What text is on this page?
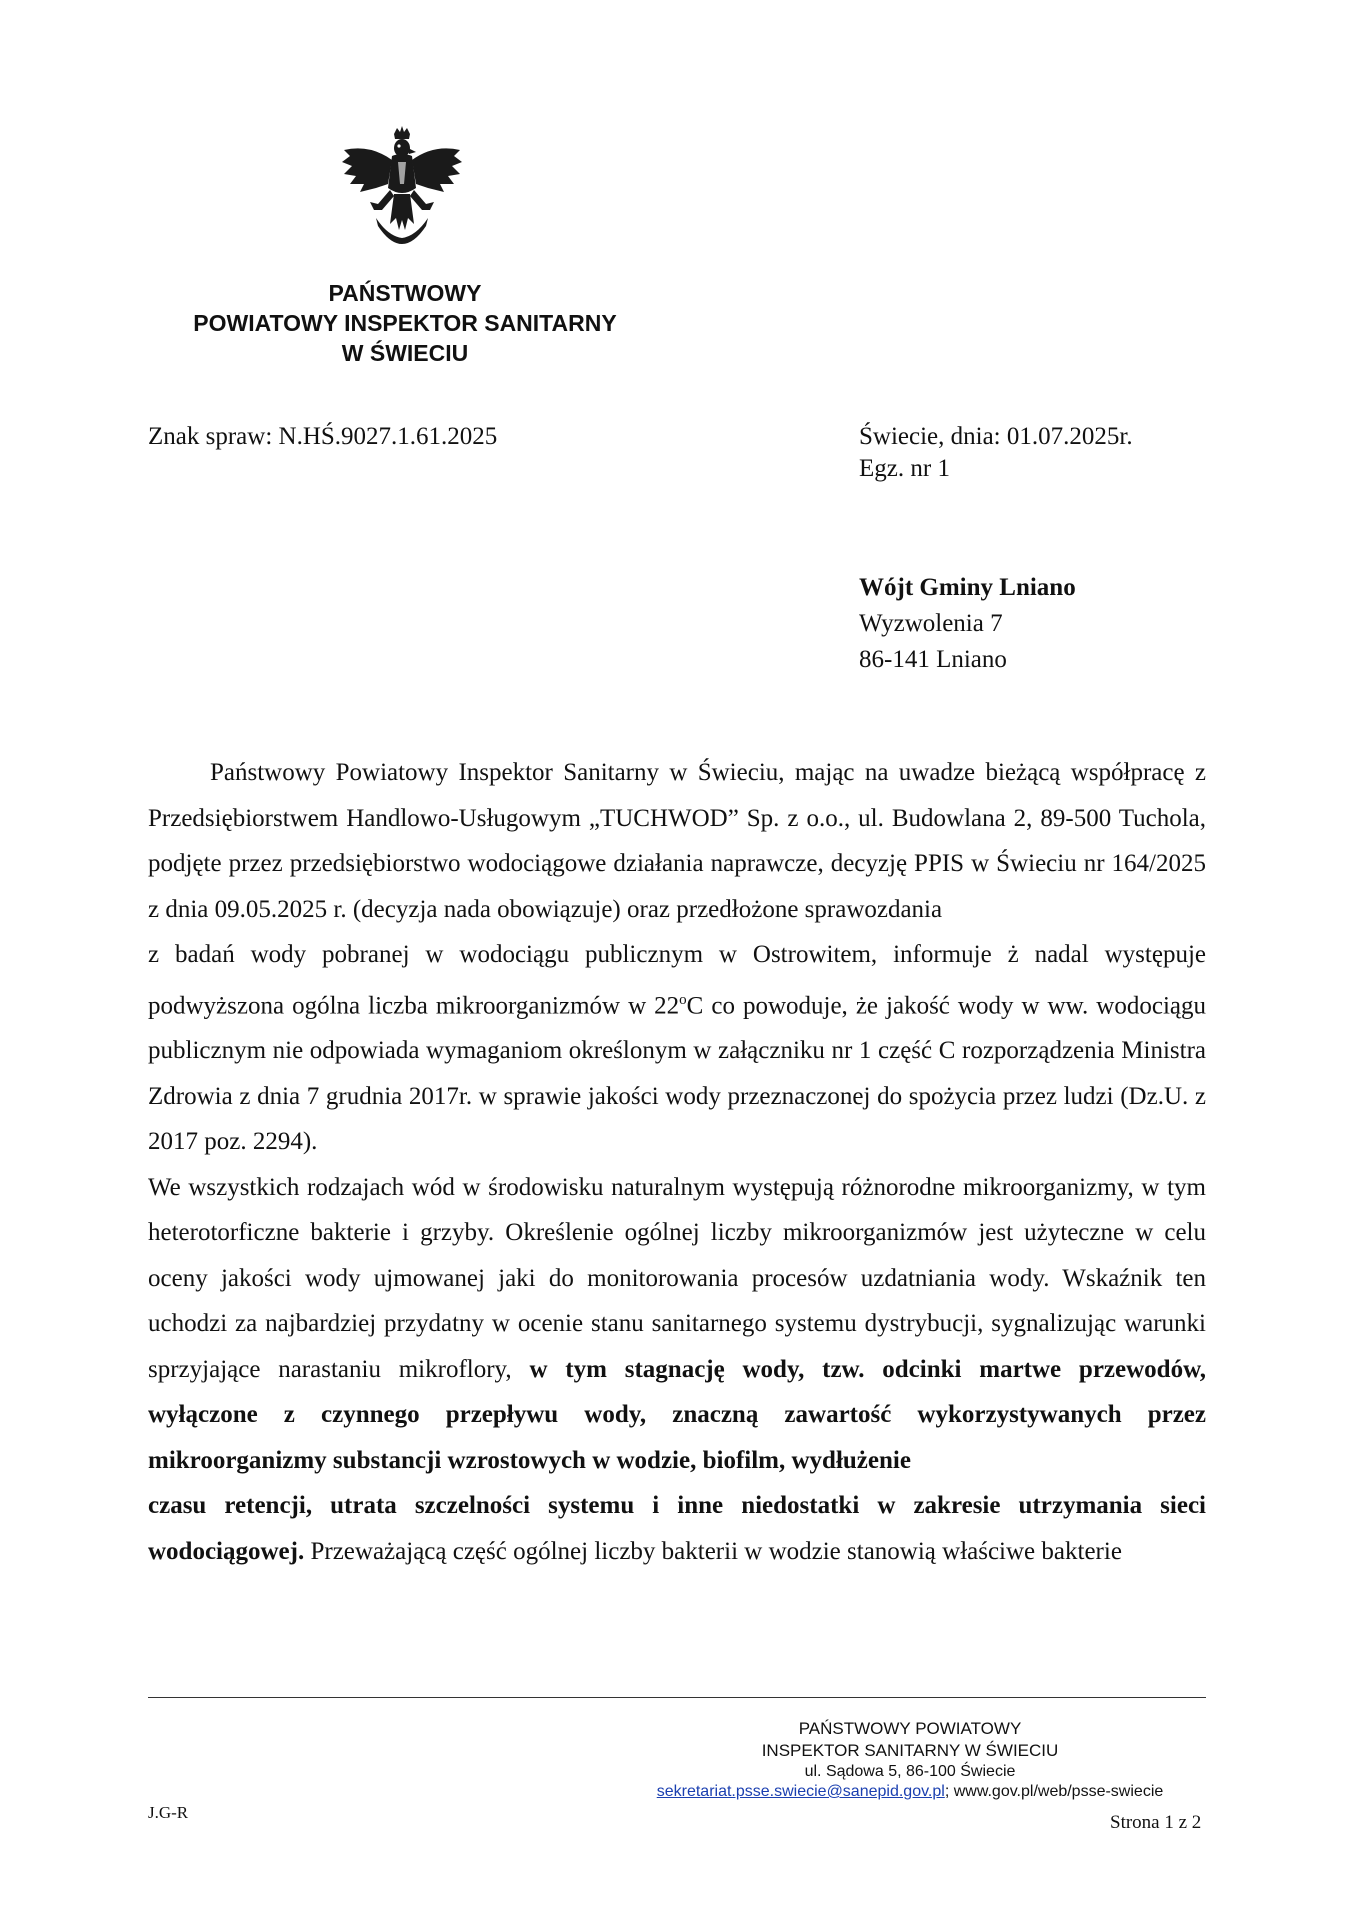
PAŃSTWOWY
POWIATOWY INSPEKTOR SANITARNY
W ŚWIECIU
Znak spraw: N.HŚ.9027.1.61.2025	Świecie, dnia: 01.07.2025r.
Egz. nr 1
Wójt Gminy Lniano
Wyzwolenia 7
86-141 Lniano

Państwowy Powiatowy Inspektor Sanitarny w Świeciu, mając na uwadze bieżącą współpracę z Przedsiębiorstwem Handlowo-Usługowym „TUCHWOD” Sp. z o.o., ul. Budowlana 2, 89-500 Tuchola, podjęte przez przedsiębiorstwo wodociągowe działania naprawcze, decyzję PPIS w Świeciu nr 164/2025 z dnia 09.05.2025 r. (decyzja nada obowiązuje) oraz przedłożone sprawozdania

z badań wody pobranej w wodociągu publicznym w Ostrowitem, informuje ż nadal występuje podwyższona ogólna liczba mikroorganizmów w 22$^o$C co powoduje, że jakość wody w ww. wodociągu publicznym nie odpowiada wymaganiom określonym w załączniku nr 1 część C rozporządzenia Ministra Zdrowia z dnia 7 grudnia 2017r. w sprawie jakości wody przeznaczonej do spożycia przez ludzi (Dz.U. z 2017 poz. 2294).

We wszystkich rodzajach wód w środowisku naturalnym występują różnorodne mikroorganizmy, w tym heterotorficzne bakterie i grzyby. Określenie ogólnej liczby mikroorganizmów jest użyteczne w celu oceny jakości wody ujmowanej jaki do monitorowania procesów uzdatniania wody. Wskaźnik ten uchodzi za najbardziej przydatny w ocenie stanu sanitarnego systemu dystrybucji, sygnalizując warunki sprzyjające narastaniu mikroflory, w tym stagnację wody, tzw. odcinki martwe przewodów, wyłączone z czynnego przepływu wody, znaczną zawartość wykorzystywanych przez mikroorganizmy substancji wzrostowych w wodzie, biofilm, wydłużenie

czasu retencji, utrata szczelności systemu i inne niedostatki w zakresie utrzymania sieci wodociągowej. Przeważającą część ogólnej liczby bakterii w wodzie stanowią właściwe bakterie

PAŃSTWOWY POWIATOWY
INSPEKTOR SANITARNY W ŚWIECIU
ul. Sądowa 5, 86-100 Świecie
sekretariat.psse.swiecie@sanepid.gov.pl; www.gov.pl/web/psse-swiecie
J.G-R	Strona 1 z 2
